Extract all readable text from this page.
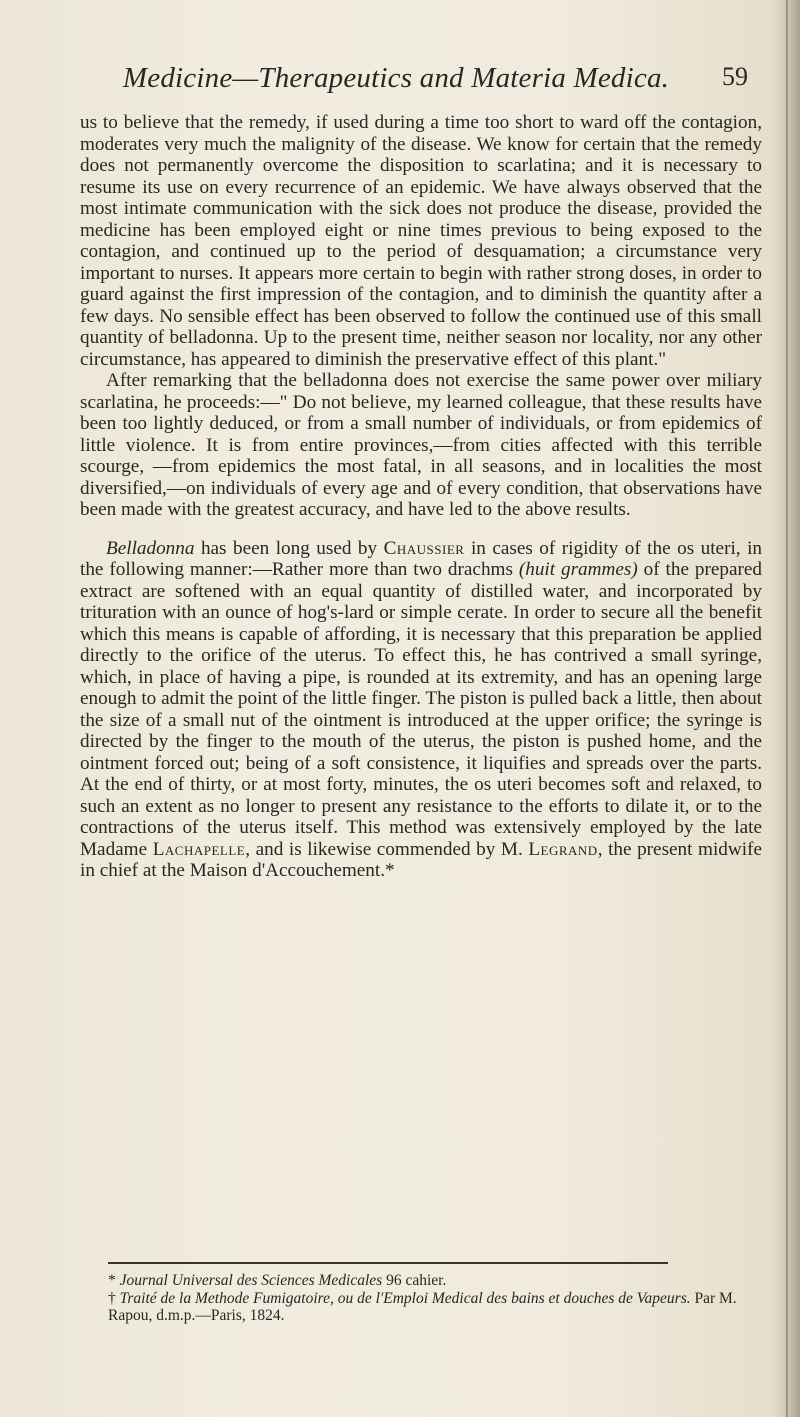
Medicine—Therapeutics and Materia Medica. 59

us to believe that the remedy, if used during a time too short to ward off the contagion, moderates very much the malignity of the disease. We know for certain that the remedy does not permanently overcome the disposition to scarlatina; and it is necessary to resume its use on every recurrence of an epidemic. We have always observed that the most intimate communication with the sick does not produce the disease, provided the medicine has been employed eight or nine times previous to being exposed to the contagion, and continued up to the period of desquamation; a circumstance very important to nurses. It appears more certain to begin with rather strong doses, in order to guard against the first impression of the contagion, and to diminish the quantity after a few days. No sensible effect has been observed to follow the continued use of this small quantity of belladonna. Up to the present time, neither season nor locality, nor any other circumstance, has appeared to diminish the preservative effect of this plant."

After remarking that the belladonna does not exercise the same power over miliary scarlatina, he proceeds:—" Do not believe, my learned colleague, that these results have been too lightly deduced, or from a small number of individuals, or from epidemics of little violence. It is from entire provinces,—from cities affected with this terrible scourge, —from epidemics the most fatal, in all seasons, and in localities the most diversified,—on individuals of every age and of every condition, that observations have been made with the greatest accuracy, and have led to the above results.

Belladonna has been long used by Chaussier in cases of rigidity of the os uteri, in the following manner:—Rather more than two drachms (huit grammes) of the prepared extract are softened with an equal quantity of distilled water, and incorporated by trituration with an ounce of hog's-lard or simple cerate. In order to secure all the benefit which this means is capable of affording, it is necessary that this preparation be applied directly to the orifice of the uterus. To effect this, he has contrived a small syringe, which, in place of having a pipe, is rounded at its extremity, and has an opening large enough to admit the point of the little finger. The piston is pulled back a little, then about the size of a small nut of the ointment is introduced at the upper orifice; the syringe is directed by the finger to the mouth of the uterus, the piston is pushed home, and the ointment forced out; being of a soft consistence, it liquifies and spreads over the parts. At the end of thirty, or at most forty, minutes, the os uteri becomes soft and relaxed, to such an extent as no longer to present any resistance to the efforts to dilate it, or to the contractions of the uterus itself. This method was extensively employed by the late Madame Lachapelle, and is likewise commended by M. Legrand, the present midwife in chief at the Maison d'Accouchement.*

* Journal Universal des Sciences Medicales 96 cahier.

† Traité de la Methode Fumigatoire, ou de l'Emploi Medical des bains et douches de Vapeurs. Par M. Rapou, d.m.p.—Paris, 1824.
